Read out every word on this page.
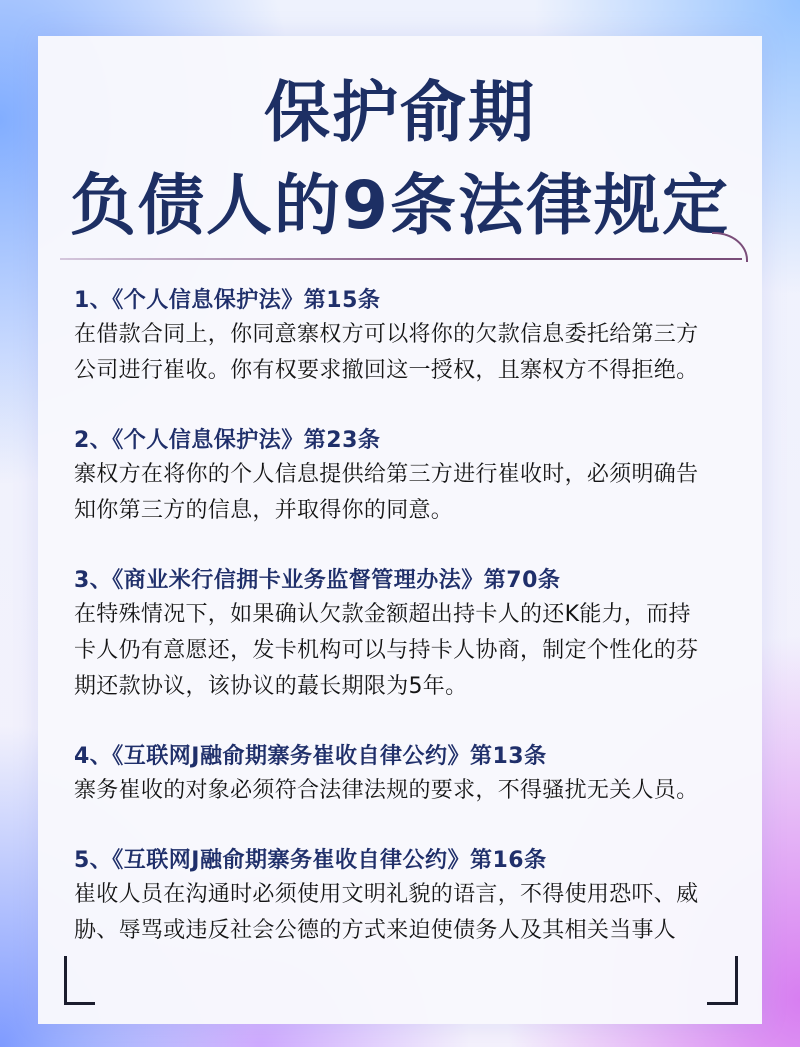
保护俞期
负债人的9条法律规定
1、《个人信息保护法》第15条
在借款合同上，你同意寨权方可以将你的欠款信息委托给第三方
公司进行崔收。你有权要求撤回这一授权，且寨权方不得拒绝。
2、《个人信息保护法》第23条
寨权方在将你的个人信息提供给第三方进行崔收时，必须明确告
知你第三方的信息，并取得你的同意。
3、《商业米行信拥卡业务监督管理办法》第70条
在特殊情况下，如果确认欠款金额超出持卡人的还K能力，而持
卡人仍有意愿还，发卡机构可以与持卡人协商，制定个性化的芬
期还款协议，该协议的蕞长期限为5年。
4、《互联网J融俞期寨务崔收自律公约》第13条
寨务崔收的对象必须符合法律法规的要求，不得骚扰无关人员。
5、《互联网J融俞期寨务崔收自律公约》第16条
崔收人员在沟通时必须使用文明礼貌的语言，不得使用恐吓、威
胁、辱骂或违反社会公德的方式来迫使债务人及其相关当事人
